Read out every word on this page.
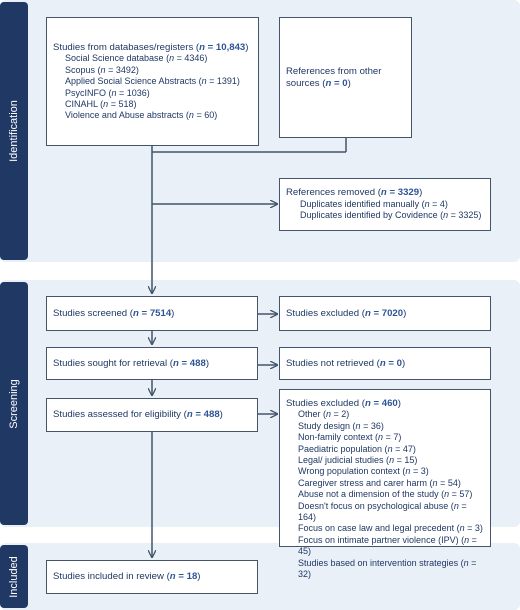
Identification
Screening
Included
Studies from databases/registers (n = 10,843)
Social Science database (n = 4346)
Scopus (n = 3492)
Applied Social Science Abstracts (n = 1391)
PsycINFO (n = 1036)
CINAHL (n = 518)
Violence and Abuse abstracts (n = 60)
References from other sources (n = 0)
References removed (n = 3329)
Duplicates identified manually (n = 4)
Duplicates identified by Covidence (n = 3325)
Studies screened (n = 7514)	Studies excluded (n = 7020)
Studies sought for retrieval (n = 488)	Studies not retrieved (n = 0)
Studies assessed for eligibility (n = 488)
Studies excluded (n = 460)
Other (n = 2)
Study design (n = 36)
Non-family context (n = 7)
Paediatric population (n = 47)
Legal/ judicial studies (n = 15)
Wrong population context (n = 3)
Caregiver stress and carer harm (n = 54)
Abuse not a dimension of the study (n = 57)
Doesn't focus on psychological abuse (n = 164)
Focus on case law and legal precedent (n = 3)
Focus on intimate partner violence (IPV) (n = 45)
Studies based on intervention strategies (n = 32)
Studies included in review (n = 18)
